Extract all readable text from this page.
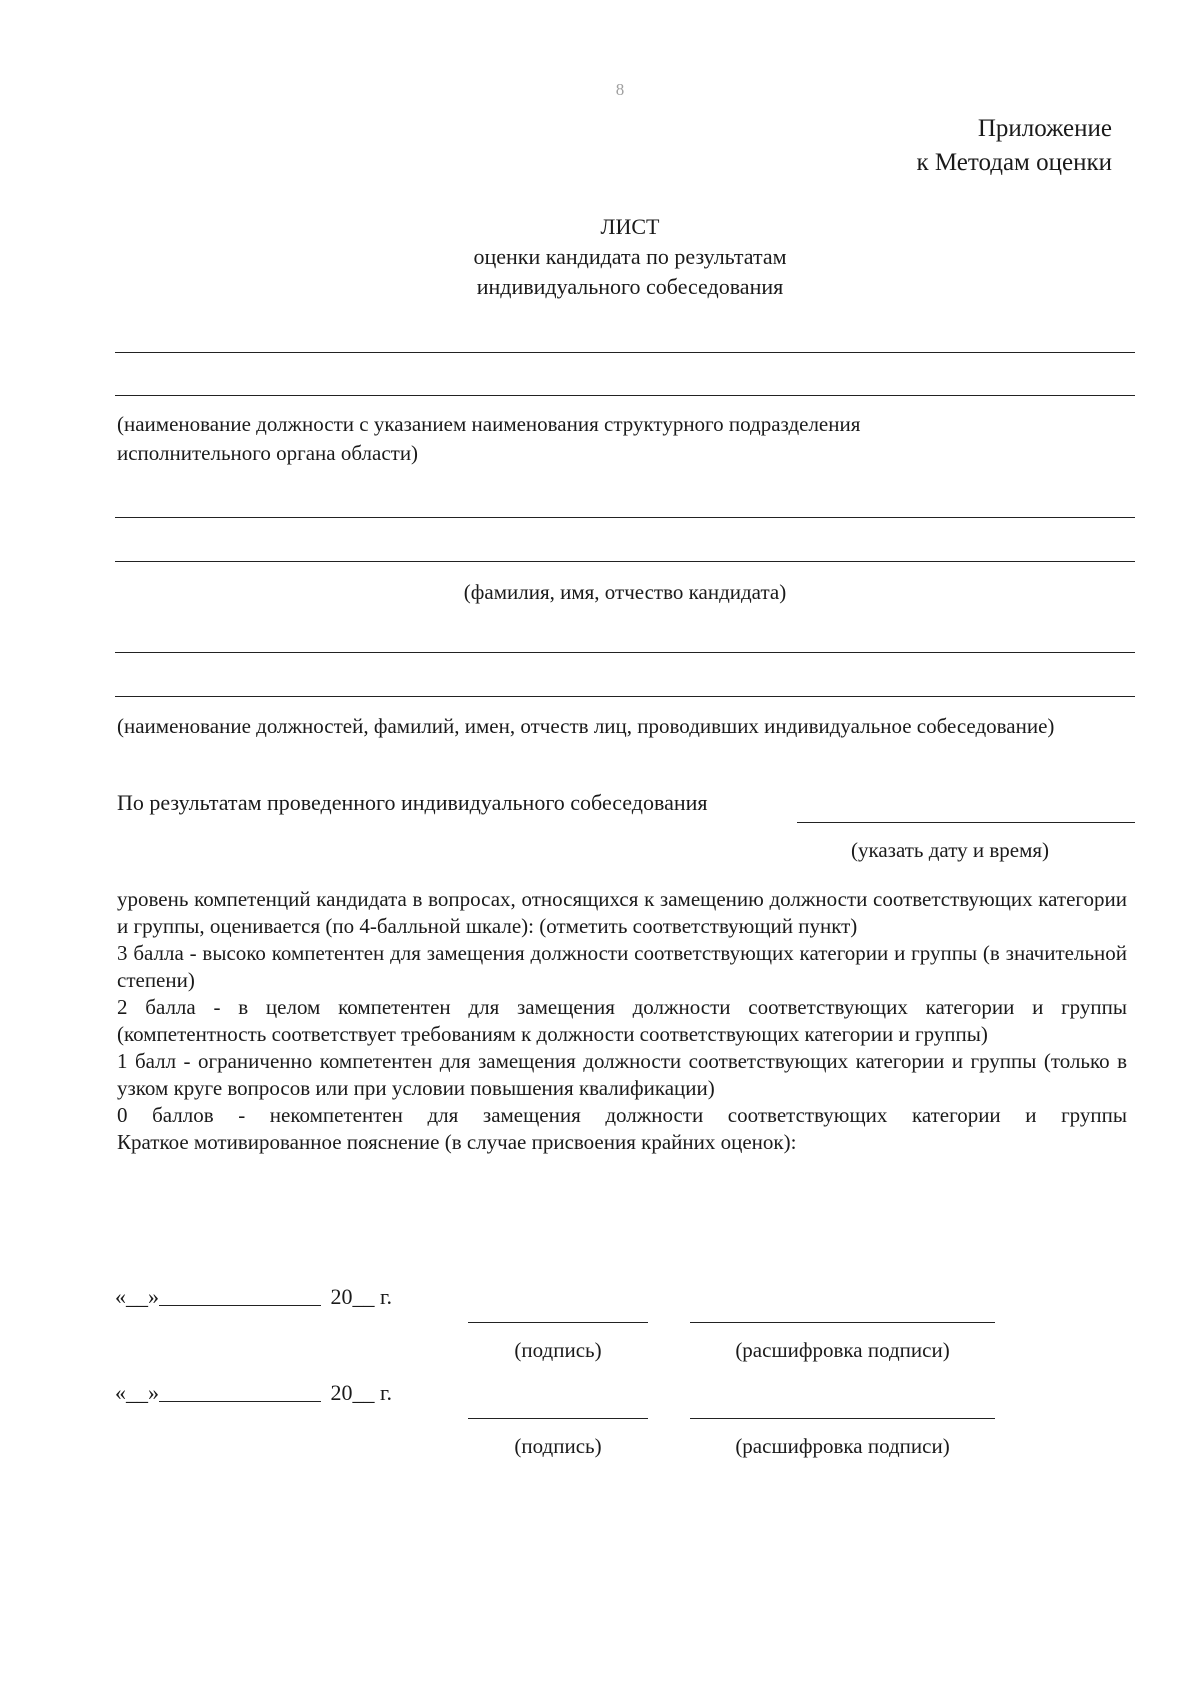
8
Приложение
к Методам оценки
ЛИСТ
оценки кандидата по результатам
индивидуального собеседования
(наименование должности с указанием наименования структурного подразделения исполнительного органа области)
(фамилия, имя, отчество кандидата)
(наименование должностей, фамилий, имен, отчеств лиц, проводивших индивидуальное собеседование)
По результатам проведенного индивидуального собеседования
(указать дату и время)
уровень компетенций кандидата в вопросах, относящихся к замещению должности соответствующих категории и группы, оценивается (по 4-балльной шкале): (отметить соответствующий пункт)
3 балла - высоко компетентен для замещения должности соответствующих категории и группы (в значительной степени)
2 балла - в целом компетентен для замещения должности соответствующих категории и группы (компетентность соответствует требованиям к должности соответствующих категории и группы)
1 балл - ограниченно компетентен для замещения должности соответствующих категории и группы (только в узком круге вопросов или при условии повышения квалификации)
0 баллов - некомпетентен для замещения должности соответствующих категории и группы
Краткое мотивированное пояснение (в случае присвоения крайних оценок):
«__»	20__ г.
(подпись)	(расшифровка подписи)
«__»	20__ г.
(подпись)	(расшифровка подписи)
